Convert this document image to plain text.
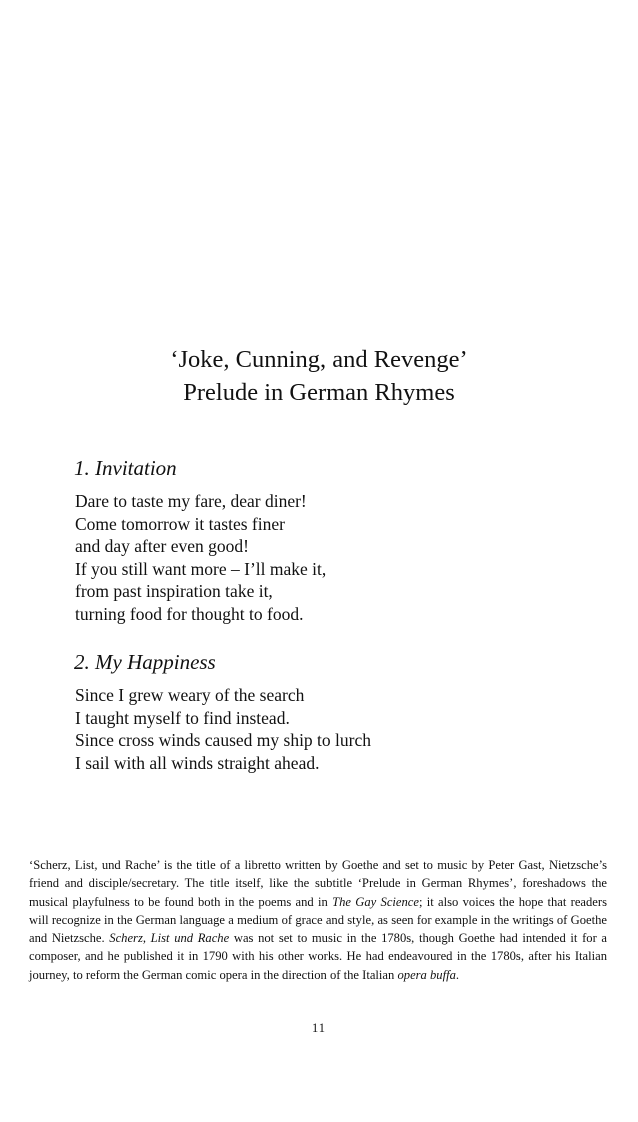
‘Joke, Cunning, and Revenge’
Prelude in German Rhymes
1. Invitation
Dare to taste my fare, dear diner!
Come tomorrow it tastes finer
and day after even good!
If you still want more – I’ll make it,
from past inspiration take it,
turning food for thought to food.
2. My Happiness
Since I grew weary of the search
I taught myself to find instead.
Since cross winds caused my ship to lurch
I sail with all winds straight ahead.

‘Scherz, List, und Rache’ is the title of a libretto written by Goethe and set to music by Peter Gast, Nietzsche’s friend and disciple/secretary. The title itself, like the subtitle ‘Prelude in German Rhymes’, foreshadows the musical playfulness to be found both in the poems and in The Gay Science; it also voices the hope that readers will recognize in the German language a medium of grace and style, as seen for example in the writings of Goethe and Nietzsche. Scherz, List und Rache was not set to music in the 1780s, though Goethe had intended it for a composer, and he published it in 1790 with his other works. He had endeavoured in the 1780s, after his Italian journey, to reform the German comic opera in the direction of the Italian opera buffa.

11
